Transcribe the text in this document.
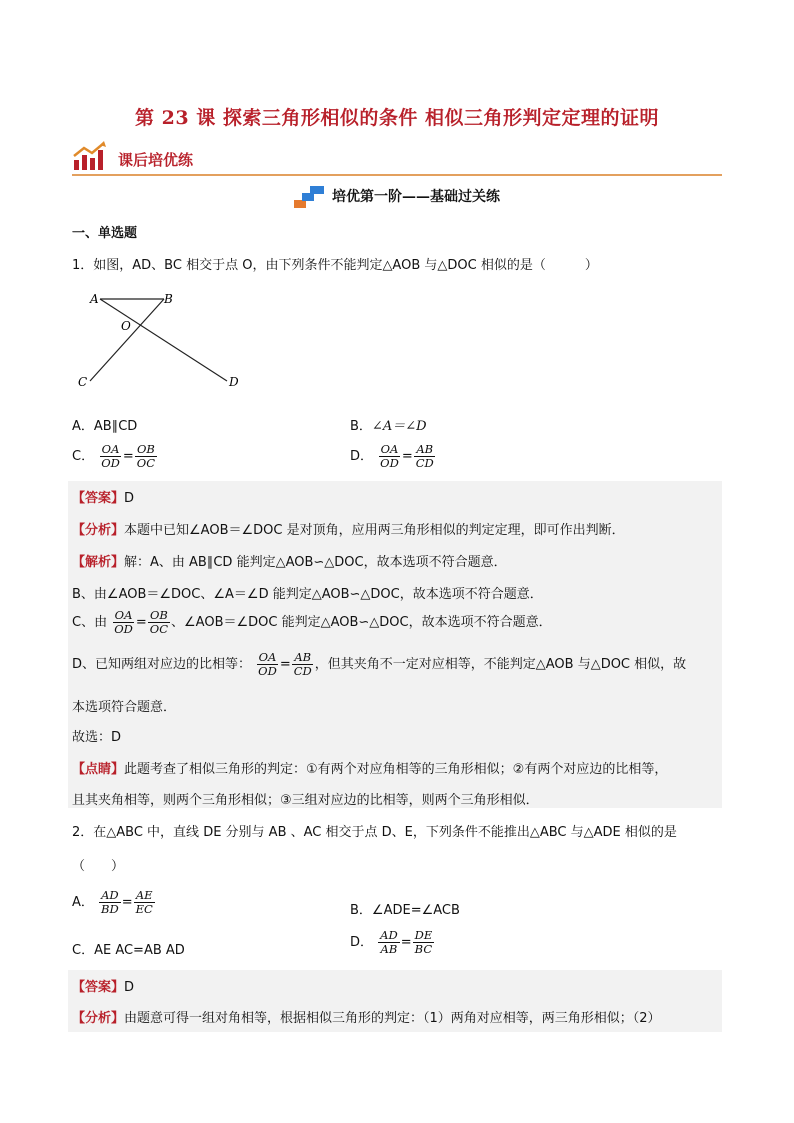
第 23 课 探索三角形相似的条件 相似三角形判定定理的证明
课后培优练
培优第一阶——基础过关练
一、单选题
1．如图，AD、BC 相交于点 O，由下列条件不能判定△AOB 与△DOC 相似的是（　　　）
A	B
O
C	D
A．AB∥CD	B．∠A＝∠D
C． $\frac{OA}{OD} = \frac{OB}{OC}$	D． $\frac{OA}{OD} = \frac{AB}{CD}$
【答案】D
【分析】本题中已知∠AOB＝∠DOC 是对顶角，应用两三角形相似的判定定理，即可作出判断．
【解析】解：A、由 AB∥CD 能判定△AOB∽△DOC，故本选项不符合题意．
B、由∠AOB＝∠DOC、∠A＝∠D 能判定△AOB∽△DOC，故本选项不符合题意．
C、由 $\frac{OA}{OD} = \frac{OB}{OC}$ 、∠AOB＝∠DOC 能判定△AOB∽△DOC，故本选项不符合题意．
D、已知两组对应边的比相等： $\frac{OA}{OD} = \frac{AB}{CD}$ ，但其夹角不一定对应相等，不能判定△AOB 与△DOC 相似，故
本选项符合题意．
故选：D
【点睛】此题考查了相似三角形的判定：①有两个对应角相等的三角形相似；②有两个对应边的比相等，
且其夹角相等，则两个三角形相似；③三组对应边的比相等，则两个三角形相似．
2．在△ABC 中，直线 DE 分别与 AB 、AC 相交于点 D、E，下列条件不能推出△ABC 与△ADE 相似的是
（　　）
A． $\frac{AD}{BD} = \frac{AE}{EC}$	B．∠ADE=∠ACB
C．AE AC=AB AD
D． $\frac{AD}{AB} = \frac{DE}{BC}$
【答案】D
【分析】由题意可得一组对角相等，根据相似三角形的判定：（1）两角对应相等，两三角形相似；（2）
